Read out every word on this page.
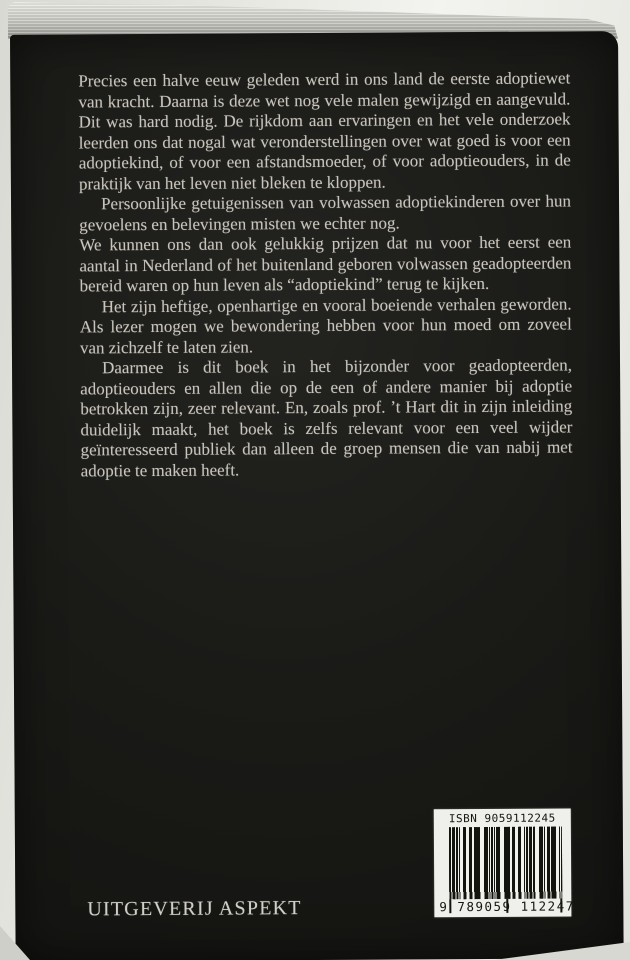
Precies een halve eeuw geleden werd in ons land de eerste adoptiewet van kracht. Daarna is deze wet nog vele malen gewijzigd en aangevuld. Dit was hard nodig. De rijkdom aan ervaringen en het vele onderzoek leerden ons dat nogal wat veronderstellingen over wat goed is voor een adoptiekind, of voor een afstandsmoeder, of voor adoptieouders, in de praktijk van het leven niet bleken te kloppen.

Persoonlijke getuigenissen van volwassen adoptiekinderen over hun gevoelens en belevingen misten we echter nog.

We kunnen ons dan ook gelukkig prijzen dat nu voor het eerst een aantal in Nederland of het buitenland geboren volwassen geadopteerden bereid waren op hun leven als “adoptiekind” terug te kijken.

Het zijn heftige, openhartige en vooral boeiende verhalen geworden. Als lezer mogen we bewondering hebben voor hun moed om zoveel van zichzelf te laten zien.

Daarmee is dit boek in het bijzonder voor geadopteerden, adoptieouders en allen die op de een of andere manier bij adoptie betrokken zijn, zeer relevant. En, zoals prof. ’t Hart dit in zijn inleiding duidelijk maakt, het boek is zelfs relevant voor een veel wijder geïnteresseerd publiek dan alleen de groep mensen die van nabij met adoptie te maken heeft.

UITGEVERIJ ASPEKT
ISBN 9059112245
9 789059 112247
